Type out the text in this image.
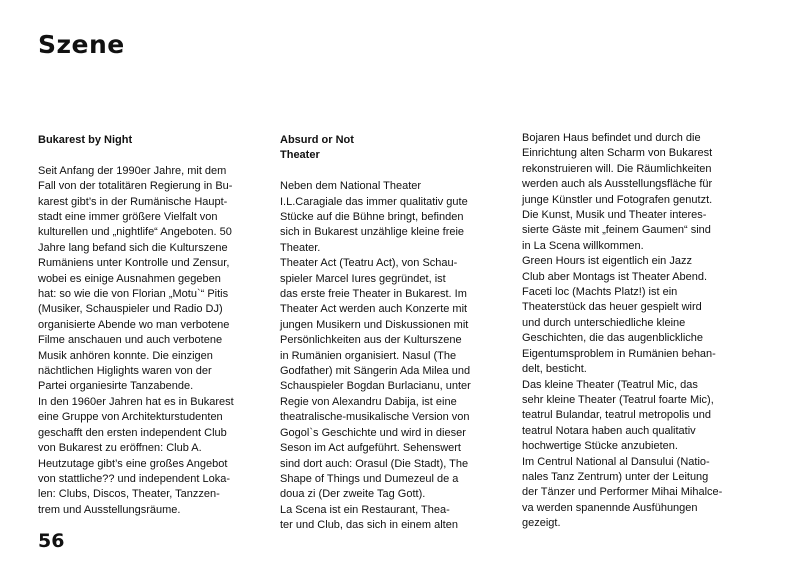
Szene
Bukarest by Night
Seit Anfang der 1990er Jahre, mit dem
Fall von der totalitären Regierung in Bu-
karest gibt’s in der Rumänische Haupt-
stadt eine immer größere Vielfalt von
kulturellen und „nightlife“ Angeboten. 50
Jahre lang befand sich die Kulturszene
Rumäniens unter Kontrolle und Zensur,
wobei es einige Ausnahmen gegeben
hat: so wie die von Florian „Motu`“ Pitis
(Musiker, Schauspieler und Radio DJ)
organisierte Abende wo man verbotene
Filme anschauen und auch verbotene
Musik anhören konnte. Die einzigen
nächtlichen Higlights waren von der
Partei organiesirte Tanzabende.
In den 1960er Jahren hat es in Bukarest
eine Gruppe von Architekturstudenten
geschafft den ersten independent Club
von Bukarest zu eröffnen: Club A.
Heutzutage gibt’s eine großes Angebot
von stattliche?? und independent Loka-
len: Clubs, Discos, Theater, Tanzzen-
trem und Ausstellungsräume.
Absurd or Not
Theater
Neben dem National Theater
I.L.Caragiale das immer qualitativ gute
Stücke auf die Bühne bringt, befinden
sich in Bukarest unzählige kleine freie
Theater.
Theater Act (Teatru Act), von Schau-
spieler Marcel Iures gegründet, ist
das erste freie Theater in Bukarest. Im
Theater Act werden auch Konzerte mit
jungen Musikern und Diskussionen mit
Persönlichkeiten aus der Kulturszene
in Rumänien organisiert. Nasul (The
Godfather) mit Sängerin Ada Milea und
Schauspieler Bogdan Burlacianu, unter
Regie von Alexandru Dabija, ist eine
theatralische-musikalische Version von
Gogol`s Geschichte und wird in dieser
Seson im Act aufgeführt. Sehenswert
sind dort auch: Orasul (Die Stadt), The
Shape of Things und Dumezeul de a
doua zi (Der zweite Tag Gott).
La Scena ist ein Restaurant, Thea-
ter und Club, das sich in einem alten
Bojaren Haus befindet und durch die
Einrichtung alten Scharm von Bukarest
rekonstruieren will. Die Räumlichkeiten
werden auch als Ausstellungsfläche für
junge Künstler und Fotografen genutzt.
Die Kunst, Musik und Theater interes-
sierte Gäste mit „feinem Gaumen“ sind
in La Scena willkommen.
Green Hours ist eigentlich ein Jazz
Club aber Montags ist Theater Abend.
Faceti loc (Machts Platz!) ist ein
Theaterstück das heuer gespielt wird
und durch unterschiedliche kleine
Geschichten, die das augenblickliche
Eigentumsproblem in Rumänien behan-
delt, besticht.
Das kleine Theater (Teatrul Mic, das
sehr kleine Theater (Teatrul foarte Mic),
teatrul Bulandar, teatrul metropolis und
teatrul Notara haben auch qualitativ
hochwertige Stücke anzubieten.
Im Centrul National al Dansului (Natio-
nales Tanz Zentrum) unter der Leitung
der Tänzer und Performer Mihai Mihalce-
va werden spanennde Ausfühungen
gezeigt.
56
